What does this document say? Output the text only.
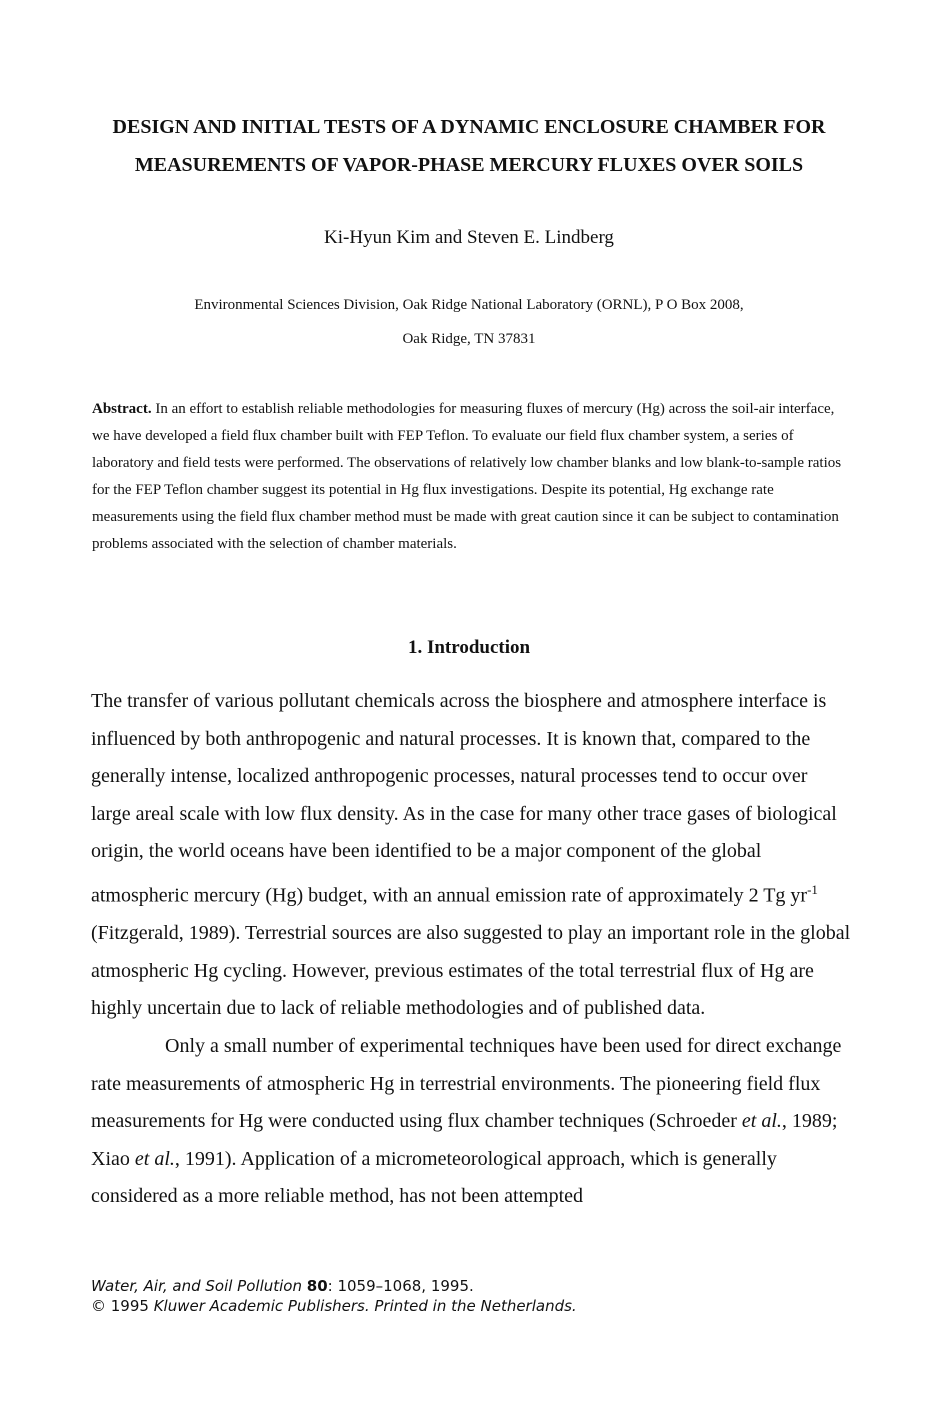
DESIGN AND INITIAL TESTS OF A DYNAMIC ENCLOSURE CHAMBER FOR
MEASUREMENTS OF VAPOR-PHASE MERCURY FLUXES OVER SOILS
Ki-Hyun Kim and Steven E. Lindberg
Environmental Sciences Division, Oak Ridge National Laboratory (ORNL), P O Box 2008,
Oak Ridge, TN 37831
Abstract. In an effort to establish reliable methodologies for measuring fluxes of mercury (Hg) across the soil-air interface, we have developed a field flux chamber built with FEP Teflon. To evaluate our field flux chamber system, a series of laboratory and field tests were performed. The observations of relatively low chamber blanks and low blank-to-sample ratios for the FEP Teflon chamber suggest its potential in Hg flux investigations. Despite its potential, Hg exchange rate measurements using the field flux chamber method must be made with great caution since it can be subject to contamination problems associated with the selection of chamber materials.
1. Introduction

The transfer of various pollutant chemicals across the biosphere and atmosphere interface is influenced by both anthropogenic and natural processes. It is known that, compared to the generally intense, localized anthropogenic processes, natural processes tend to occur over large areal scale with low flux density. As in the case for many other trace gases of biological origin, the world oceans have been identified to be a major component of the global atmospheric mercury (Hg) budget, with an annual emission rate of approximately 2 Tg $yr^{-1}$ (Fitzgerald, 1989). Terrestrial sources are also suggested to play an important role in the global atmospheric Hg cycling. However, previous estimates of the total terrestrial flux of Hg are highly uncertain due to lack of reliable methodologies and of published data.

Only a small number of experimental techniques have been used for direct exchange rate measurements of atmospheric Hg in terrestrial environments. The pioneering field flux measurements for Hg were conducted using flux chamber techniques (Schroeder et al., 1989; Xiao et al., 1991). Application of a micrometeorological approach, which is generally considered as a more reliable method, has not been attempted

Water, Air, and Soil Pollution 80: 1059–1068, 1995.
© 1995 Kluwer Academic Publishers. Printed in the Netherlands.
